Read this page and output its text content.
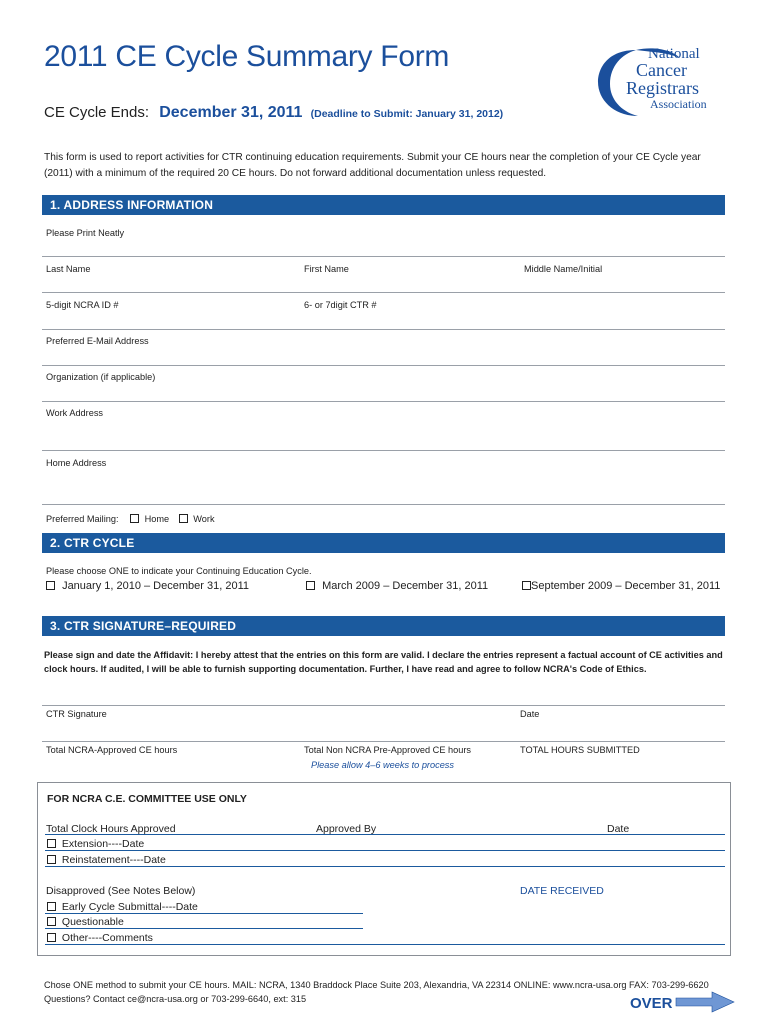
2011 CE Cycle Summary Form
CE Cycle Ends: December 31, 2011 (Deadline to Submit: January 31, 2012)
National
Cancer
Registrars
Association
This form is used to report activities for CTR continuing education requirements. Submit your CE hours near the completion of your CE Cycle year (2011) with a minimum of the required 20 CE hours. Do not forward additional documentation unless requested.
1. ADDRESS INFORMATION
Please Print Neatly
Last Name	First Name	Middle Name/Initial
5-digit NCRA ID #	6- or 7digit CTR #
Preferred E-Mail Address
Organization (if applicable)
Work Address
Home Address
Preferred Mailing:	Home	Work
2. CTR CYCLE
Please choose ONE to indicate your Continuing Education Cycle.
January 1, 2010 – December 31, 2011	March 2009 – December 31, 2011	September 2009 – December 31, 2011
3. CTR SIGNATURE–REQUIRED
Please sign and date the Affidavit: I hereby attest that the entries on this form are valid. I declare the entries represent a factual account of CE activities and clock hours. If audited, I will be able to furnish supporting documentation. Further, I have read and agree to follow NCRA's Code of Ethics.
CTR Signature	Date
Total NCRA-Approved CE hours	Total Non NCRA Pre-Approved CE hours	TOTAL HOURS SUBMITTED
Please allow 4–6 weeks to process
FOR NCRA C.E. COMMITTEE USE ONLY
Total Clock Hours Approved	Approved By	Date
Extension----Date
Reinstatement----Date
Disapproved (See Notes Below)	DATE RECEIVED
Early Cycle Submittal----Date
Questionable
Other----Comments
Chose ONE method to submit your CE hours. MAIL: NCRA, 1340 Braddock Place Suite 203, Alexandria, VA 22314 ONLINE: www.ncra-usa.org FAX: 703-299-6620
Questions? Contact ce@ncra-usa.org or 703-299-6640, ext: 315	OVER
